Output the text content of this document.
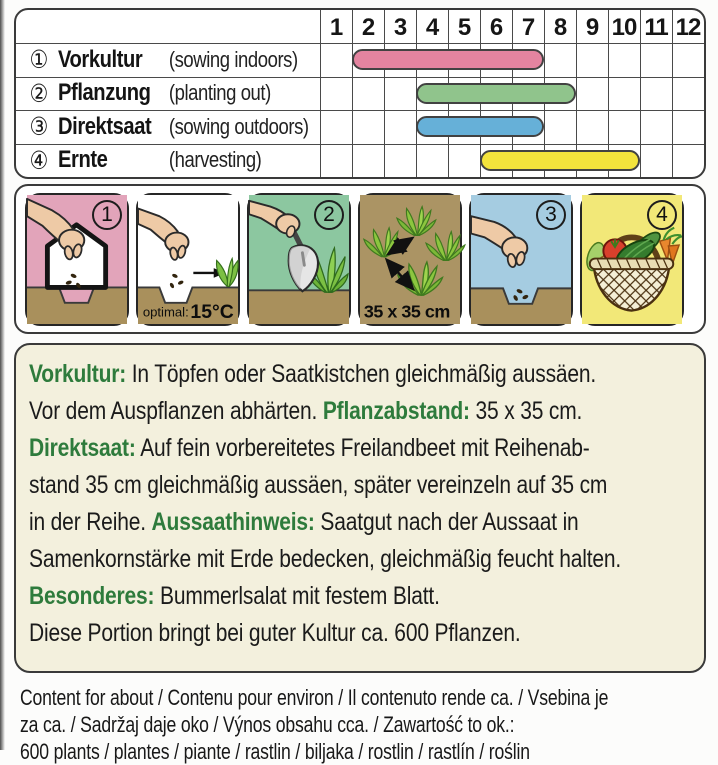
1 2 3 4 5 6 7 8 9 10 11 12
① Vorkultur	(sowing indoors)
② Pflanzung (planting out)
③ Direktsaat (sowing outdoors)
④ Ernte	(harvesting)
1
optimal: 15°C
2
35 x 35 cm
3	4
Vorkultur: In Töpfen oder Saatkistchen gleichmäßig aussäen.
Vor dem Auspflanzen abhärten. Pflanzabstand: 35 x 35 cm.
Direktsaat: Auf fein vorbereitetes Freilandbeet mit Reihenab-
stand 35 cm gleichmäßig aussäen, später vereinzeln auf 35 cm
in der Reihe. Aussaathinweis: Saatgut nach der Aussaat in
Samenkornstärke mit Erde bedecken, gleichmäßig feucht halten.
Besonderes: Bummerlsalat mit festem Blatt.
Diese Portion bringt bei guter Kultur ca. 600 Pflanzen.
Content for about / Contenu pour environ / Il contenuto rende ca. / Vsebina je
za ca. / Sadržaj daje oko / Výnos obsahu cca. / Zawartość to ok.:
600 plants / plantes / piante / rastlin / biljaka / rostlin / rastlín / roślin
